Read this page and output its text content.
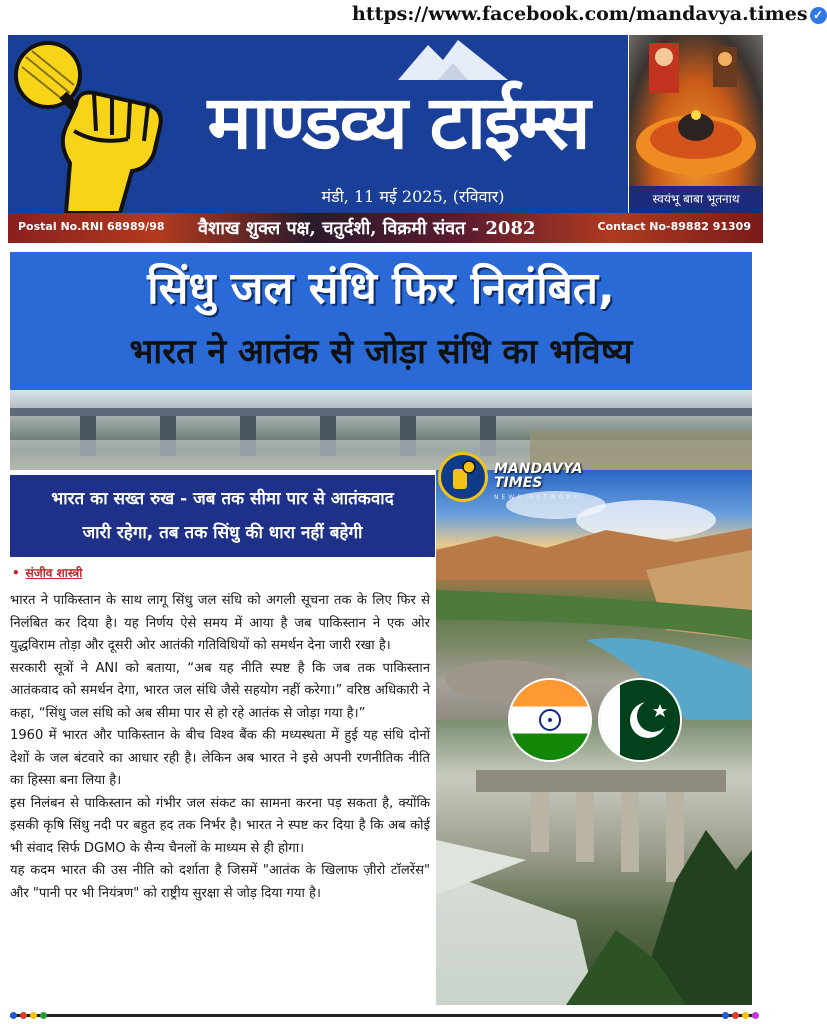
https://www.facebook.com/mandavya.times ✓
माण्डव्य टाईम्स
मंडी, 11 मई 2025, (रविवार)	स्वयंभू बाबा भूतनाथ
Postal No.RNI 68989/98 वैशाख शुक्ल पक्ष, चतुर्दशी, विक्रमी संवत - 2082	Contact No-89882 91309
सिंधु जल संधि फिर निलंबित,
भारत ने आतंक से जोड़ा संधि का भविष्य
भारत का सख्त रुख - जब तक सीमा पार से आतंकवाद
जारी रहेगा, तब तक सिंधु की धारा नहीं बहेगी
MANDAVYA
TIMES
NEWS NETWORK
• संजीव शास्त्री

भारत ने पाकिस्तान के साथ लागू सिंधु जल संधि को अगली सूचना तक के लिए फिर से निलंबित कर दिया है। यह निर्णय ऐसे समय में आया है जब पाकिस्तान ने एक ओर युद्धविराम तोड़ा और दूसरी ओर आतंकी गतिविधियों को समर्थन देना जारी रखा है।

सरकारी सूत्रों ने ANI को बताया, “अब यह नीति स्पष्ट है कि जब तक पाकिस्तान आतंकवाद को समर्थन देगा, भारत जल संधि जैसे सहयोग नहीं करेगा।” वरिष्ठ अधिकारी ने कहा, “सिंधु जल संधि को अब सीमा पार से हो रहे आतंक से जोड़ा गया है।”

1960 में भारत और पाकिस्तान के बीच विश्व बैंक की मध्यस्थता में हुई यह संधि दोनों देशों के जल बंटवारे का आधार रही है। लेकिन अब भारत ने इसे अपनी रणनीतिक नीति का हिस्सा बना लिया है।

इस निलंबन से पाकिस्तान को गंभीर जल संकट का सामना करना पड़ सकता है, क्योंकि इसकी कृषि सिंधु नदी पर बहुत हद तक निर्भर है। भारत ने स्पष्ट कर दिया है कि अब कोई भी संवाद सिर्फ DGMO के सैन्य चैनलों के माध्यम से ही होगा।

यह कदम भारत की उस नीति को दर्शाता है जिसमें "आतंक के खिलाफ ज़ीरो टॉलरेंस" और "पानी पर भी नियंत्रण" को राष्ट्रीय सुरक्षा से जोड़ दिया गया है।
